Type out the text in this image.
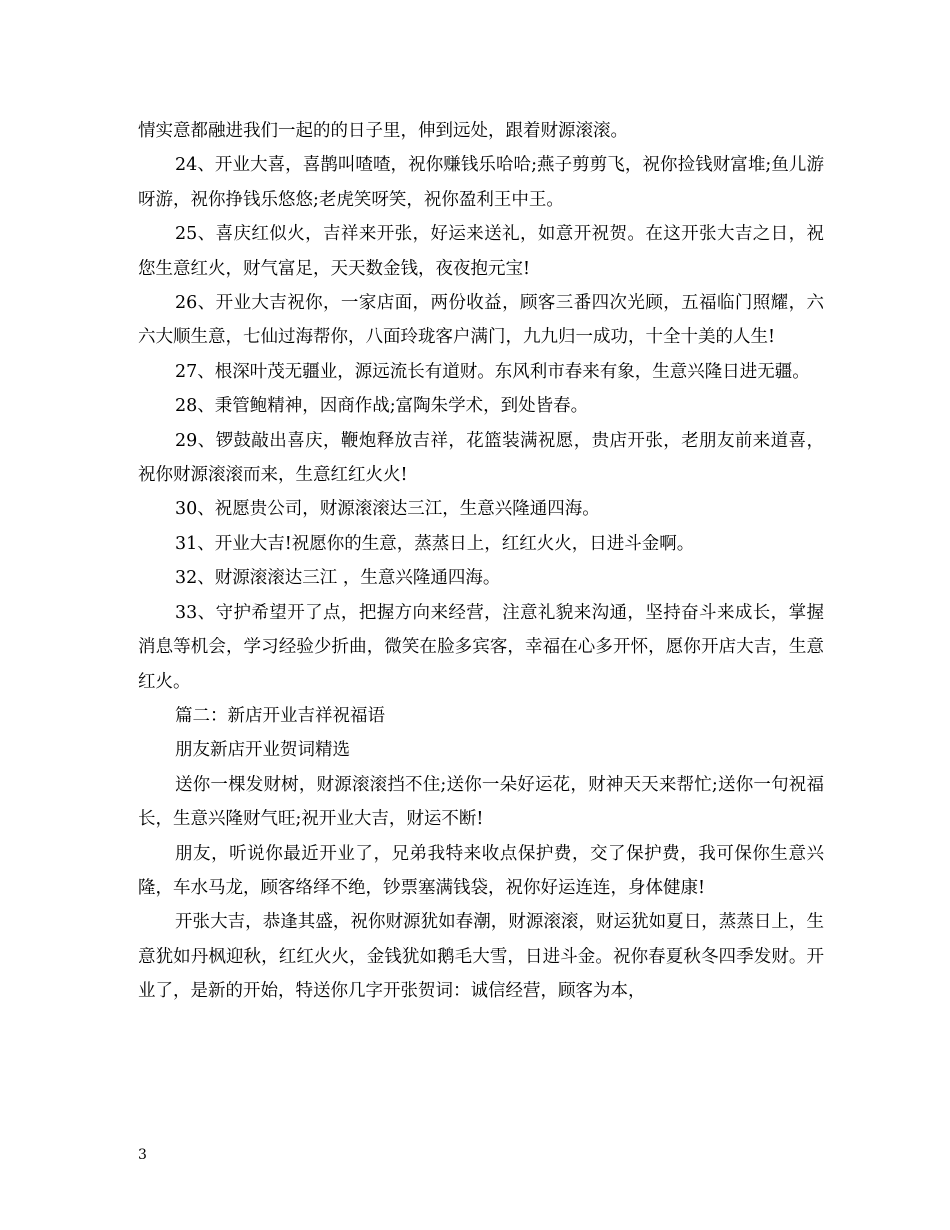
情实意都融进我们一起的的日子里，伸到远处，跟着财源滚滚。

24、开业大喜，喜鹊叫喳喳，祝你赚钱乐哈哈;燕子剪剪飞，祝你捡钱财富堆;鱼儿游呀游，祝你挣钱乐悠悠;老虎笑呀笑，祝你盈利王中王。

25、喜庆红似火，吉祥来开张，好运来送礼，如意开祝贺。在这开张大吉之日，祝您生意红火，财气富足，天天数金钱，夜夜抱元宝!

26、开业大吉祝你，一家店面，两份收益，顾客三番四次光顾，五福临门照耀，六六大顺生意，七仙过海帮你，八面玲珑客户满门，九九归一成功，十全十美的人生!

27、根深叶茂无疆业，源远流长有道财。东风利市春来有象，生意兴隆日进无疆。

28、秉管鲍精神，因商作战;富陶朱学术，到处皆春。

29、锣鼓敲出喜庆，鞭炮释放吉祥，花篮装满祝愿，贵店开张，老朋友前来道喜，祝你财源滚滚而来，生意红红火火!

30、祝愿贵公司，财源滚滚达三江，生意兴隆通四海。

31、开业大吉!祝愿你的生意，蒸蒸日上，红红火火，日进斗金啊。

32、财源滚滚达三江 ，生意兴隆通四海。

33、守护希望开了点，把握方向来经营，注意礼貌来沟通，坚持奋斗来成长，掌握消息等机会，学习经验少折曲，微笑在脸多宾客，幸福在心多开怀，愿你开店大吉，生意红火。

篇二：新店开业吉祥祝福语

朋友新店开业贺词精选

送你一棵发财树，财源滚滚挡不住;送你一朵好运花，财神天天来帮忙;送你一句祝福长，生意兴隆财气旺;祝开业大吉，财运不断!

朋友，听说你最近开业了，兄弟我特来收点保护费，交了保护费，我可保你生意兴隆，车水马龙，顾客络绎不绝，钞票塞满钱袋，祝你好运连连，身体健康!

开张大吉，恭逢其盛，祝你财源犹如春潮，财源滚滚，财运犹如夏日，蒸蒸日上，生意犹如丹枫迎秋，红红火火，金钱犹如鹅毛大雪，日进斗金。祝你春夏秋冬四季发财。开业了，是新的开始，特送你几字开张贺词：诚信经营，顾客为本，

3
